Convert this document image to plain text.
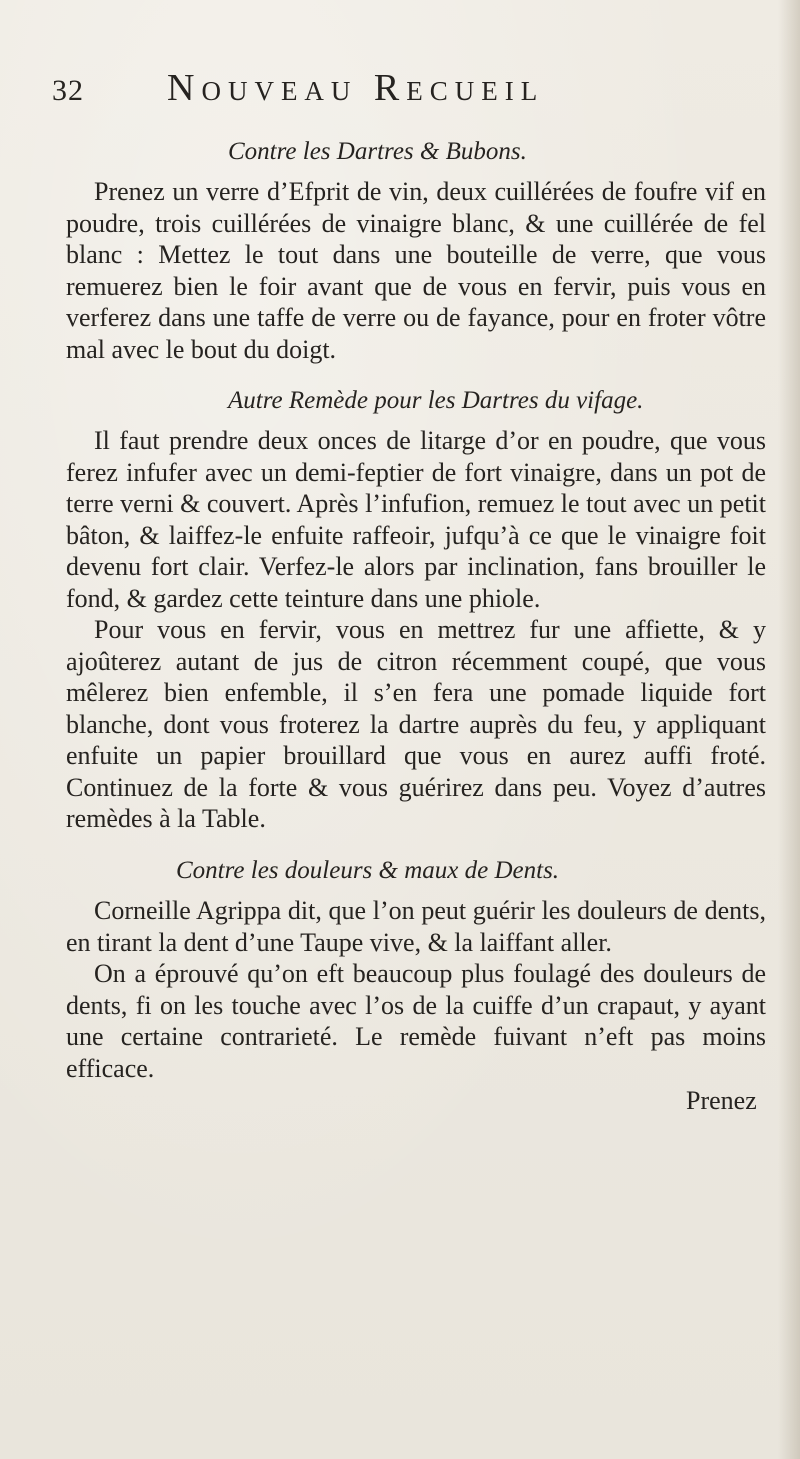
32 Nouveau Recueil
Contre les Dartres & Bubons.

Prenez un verre d’Efprit de vin, deux cuillérées de foufre vif en poudre, trois cuillérées de vinaigre blanc, & une cuillérée de fel blanc : Mettez le tout dans une bouteille de verre, que vous remuerez bien le foir avant que de vous en fervir, puis vous en verferez dans une taffe de verre ou de fayance, pour en froter vôtre mal avec le bout du doigt.

Autre Remède pour les Dartres du vifage.

Il faut prendre deux onces de litarge d’or en poudre, que vous ferez infufer avec un demi-feptier de fort vinaigre, dans un pot de terre verni & couvert. Après l’infufion, remuez le tout avec un petit bâton, & laiffez-le enfuite raffeoir, jufqu’à ce que le vinaigre foit devenu fort clair. Verfez-le alors par inclination, fans brouiller le fond, & gardez cette teinture dans une phiole.

Pour vous en fervir, vous en mettrez fur une affiette, & y ajoûterez autant de jus de citron récemment coupé, que vous mêlerez bien enfemble, il s’en fera une pomade liquide fort blanche, dont vous froterez la dartre auprès du feu, y appliquant enfuite un papier brouillard que vous en aurez auffi froté. Continuez de la forte & vous guérirez dans peu. Voyez d’autres remèdes à la Table.

Contre les douleurs & maux de Dents.

Corneille Agrippa dit, que l’on peut guérir les douleurs de dents, en tirant la dent d’une Taupe vive, & la laiffant aller.

On a éprouvé qu’on eft beaucoup plus foulagé des douleurs de dents, fi on les touche avec l’os de la cuiffe d’un crapaut, y ayant une certaine contrarieté. Le remède fuivant n’eft pas moins efficace.

Prenez
